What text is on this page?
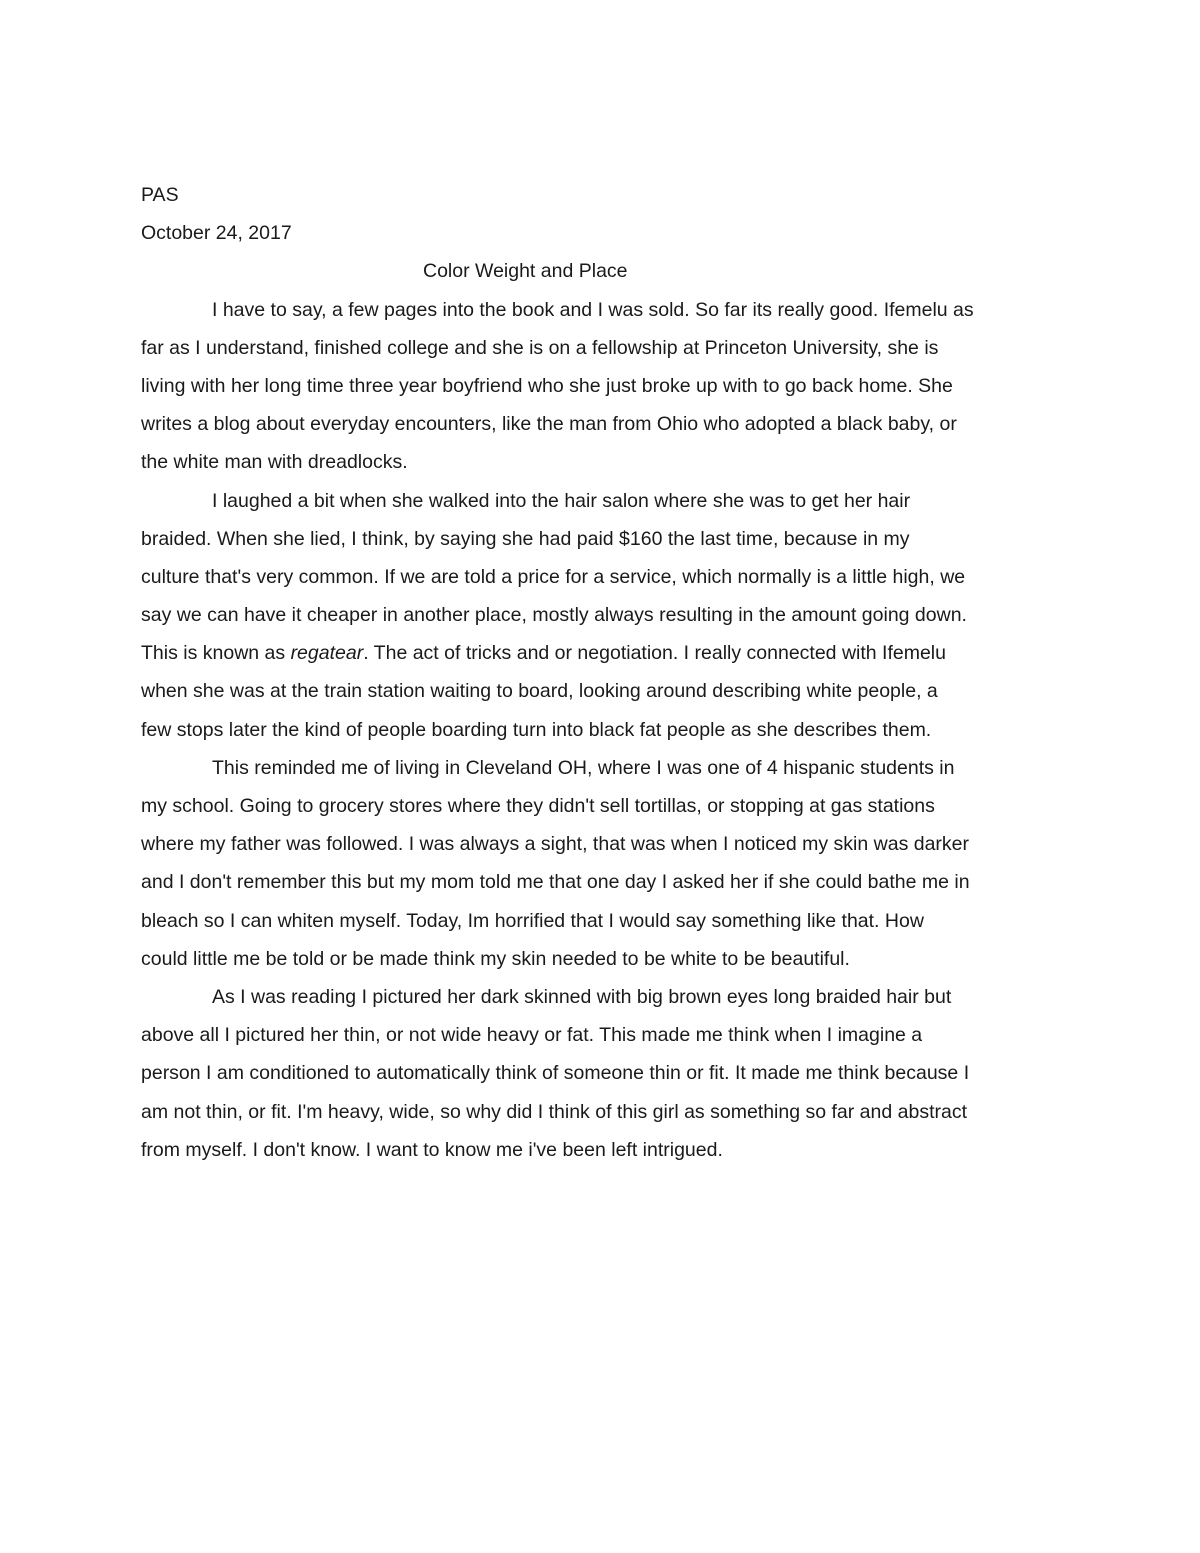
PAS
October 24, 2017
Color Weight and Place
I have to say, a few pages into the book and I was sold. So far its really good. Ifemelu as
far as I understand, finished college and she is on a fellowship at Princeton University, she is
living with her long time three year boyfriend who she just broke up with to go back home. She
writes a blog about everyday encounters, like the man from Ohio who adopted a black baby, or
the white man with dreadlocks.
I laughed a bit when she walked into the hair salon where she was to get her hair
braided. When she lied, I think, by saying she had paid $160 the last time, because in my
culture that's very common. If we are told a price for a service, which normally is a little high, we
say we can have it cheaper in another place, mostly always resulting in the amount going down.
This is known as regatear. The act of tricks and or negotiation. I really connected with Ifemelu
when she was at the train station waiting to board, looking around describing white people, a
few stops later the kind of people boarding turn into black fat people as she describes them.
This reminded me of living in Cleveland OH, where I was one of 4 hispanic students in
my school. Going to grocery stores where they didn't sell tortillas, or stopping at gas stations
where my father was followed. I was always a sight, that was when I noticed my skin was darker
and I don't remember this but my mom told me that one day I asked her if she could bathe me in
bleach so I can whiten myself. Today, Im horrified that I would say something like that. How
could little me be told or be made think my skin needed to be white to be beautiful.
As I was reading I pictured her dark skinned with big brown eyes long braided hair but
above all I pictured her thin, or not wide heavy or fat. This made me think when I imagine a
person I am conditioned to automatically think of someone thin or fit. It made me think because I
am not thin, or fit. I'm heavy, wide, so why did I think of this girl as something so far and abstract
from myself. I don't know. I want to know me i've been left intrigued.
